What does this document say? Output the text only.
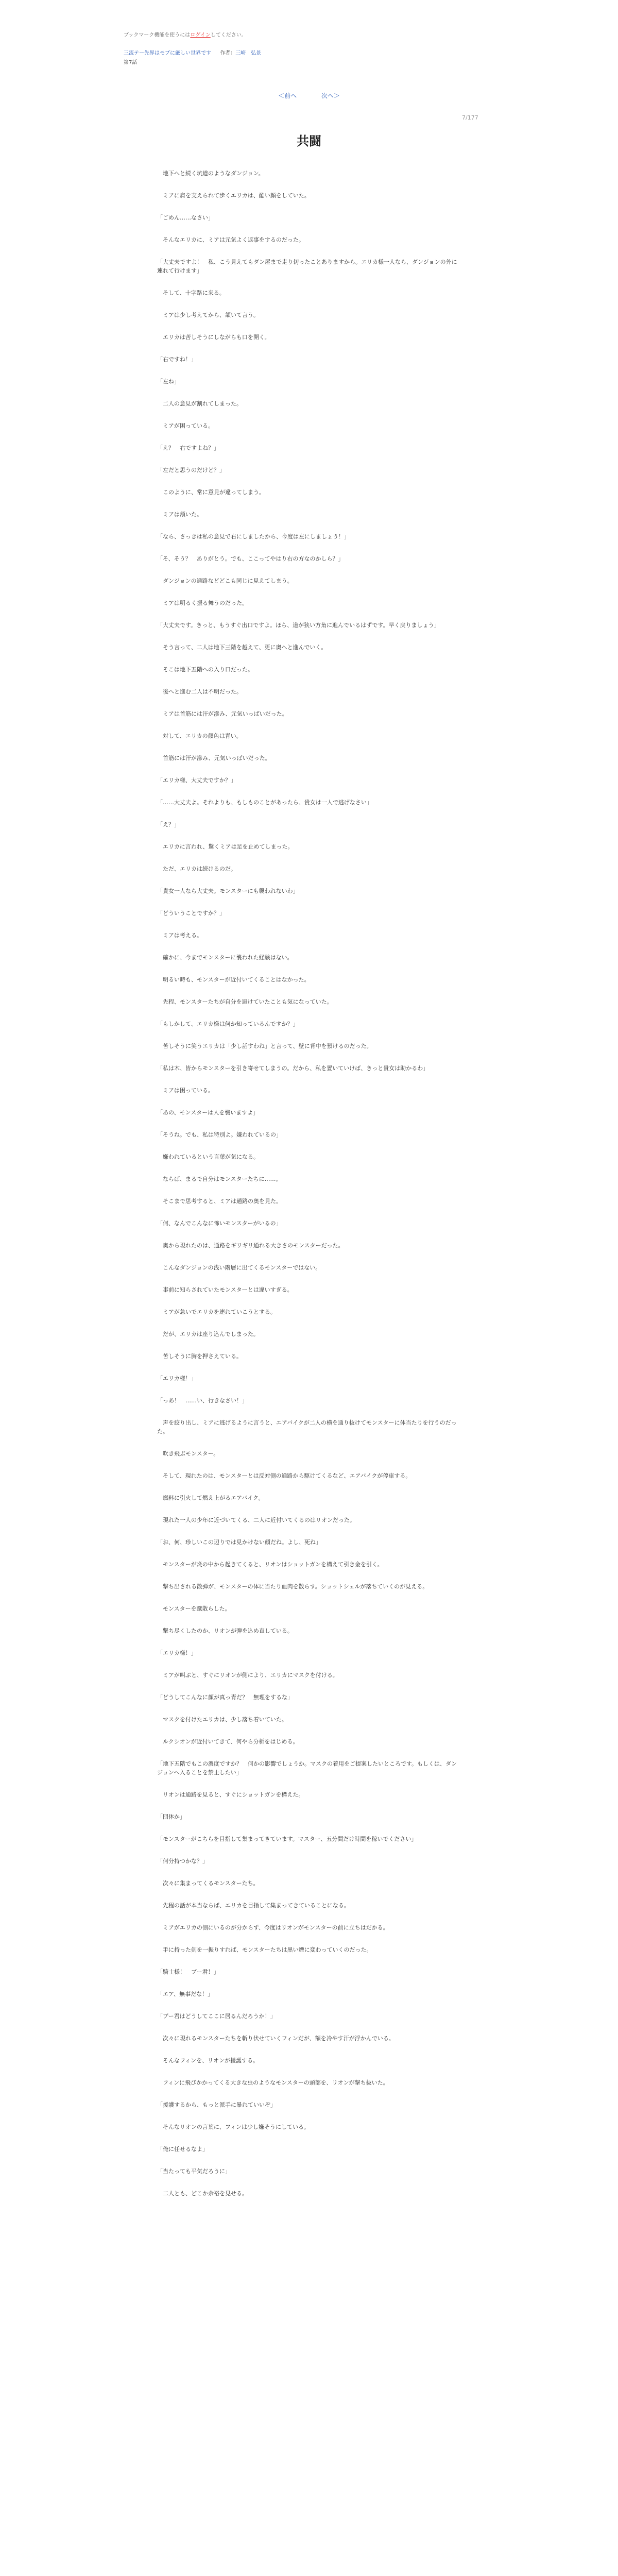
ブックマーク機能を使うにはログインしてください。
三流テー先界はモブに厳しい世界です 作者：三崎　弘景
第7話
＜前へ	次へ＞
7/177
共闘

　地下へと続く坑道のようなダンジョン。

　ミアに肩を支えられて歩くエリカは、酷い顔をしていた。

「ごめん……なさい」

　そんなエリカに、ミアは元気よく返事をするのだった。

「大丈夫ですよ！　私、こう見えてもダン屋まで走り切ったことありますから。エリカ様一人なら、ダンジョンの外に連れて行けます」

　そして、十字路に来る。

　ミアは少し考えてから、頷いて言う。

　エリカは苦しそうにしながらも口を開く。

「右ですね！」

「左ね」

　二人の意見が割れてしまった。

　ミアが困っている。

「え？　右ですよね？」

「左だと思うのだけど？」

　このように、常に意見が違ってしまう。

　ミアは頷いた。

「なら、さっきは私の意見で右にしましたから、今度は左にしましょう！」

「そ、そう？　ありがとう。でも、ここってやはり右の方なのかしら？」

　ダンジョンの通路などどこも同じに見えてしまう。

　ミアは明るく振る舞うのだった。

「大丈夫です。きっと、もうすぐ出口ですよ。ほら、道が狭い方角に進んでいるはずです。早く戻りましょう」

　そう言って、二人は地下三階を越えて、更に奥へと進んでいく。

　そこは地下五階への入り口だった。

　後へと進む二人は不明だった。

　ミアは首筋には汗が滲み、元気いっぱいだった。

　対して、エリカの顔色は青い。

　首筋には汗が滲み、元気いっぱいだった。

「エリカ様、大丈夫ですか？」

「……大丈夫よ。それよりも、もしものことがあったら、貴女は一人で逃げなさい」

「え？」

　エリカに言われ、驚くミアは足を止めてしまった。

　ただ、エリカは続けるのだ。

「貴女一人なら大丈夫。モンスターにも襲われないわ」

「どういうことですか？」

　ミアは考える。

　確かに、今までモンスターに襲われた経験はない。

　明るい時も、モンスターが近付いてくることはなかった。

　先程、モンスターたちが自分を避けていたことも気になっていた。

「もしかして、エリカ様は何か知っているんですか？」

　苦しそうに笑うエリカは「少し話すわね」と言って、壁に背中を預けるのだった。

「私は木、皆からモンスターを引き寄せてしまうの。だから、私を置いていけば、きっと貴女は助かるわ」

　ミアは困っている。

「あの、モンスターは人を襲いますよ」

「そうね。でも、私は特別よ。嫌われているの」

　嫌われているという言葉が気になる。

　ならば、まるで自分はモンスターたちに……。

　そこまで思考すると、ミアは通路の奥を見た。

「何、なんでこんなに怖いモンスターがいるの」

　奥から現れたのは、通路をギリギリ通れる大きさのモンスターだった。

　こんなダンジョンの浅い階層に出てくるモンスターではない。

　事前に知らされていたモンスターとは違いすぎる。

　ミアが急いでエリカを連れていこうとする。

　だが、エリカは座り込んでしまった。

　苦しそうに胸を押さえている。

「エリカ様！」

「っあ！　……い、行きなさい！」

　声を絞り出し、ミアに逃げるように言うと、エアバイクが二人の横を通り抜けてモンスターに体当たりを行うのだった。

　吹き飛ぶモンスター。

　そして、現れたのは、モンスターとは反対側の通路から駆けてくるなど、エアバイクが停車する。

　燃料に引火して燃え上がるエアバイク。

　現れた一人の少年に近づいてくる、二人に近付いてくるのはリオンだった。

「お、何、珍しいこの辺りでは見かけない顔だね。よし、死ね」

　モンスターが炎の中から起きてくると、リオンはショットガンを構えて引き金を引く。

　撃ち出される散弾が、モンスターの体に当たり血肉を散らす。ショットシェルが落ちていくのが見える。

　モンスターを蹴散らした。

　撃ち尽くしたのか、リオンが弾を込め直している。

「エリカ様！」

　ミアが叫ぶと、すぐにリオンが側により、エリカにマスクを付ける。

「どうしてこんなに顔が真っ青だ？　無理をするな」

　マスクを付けたエリカは、少し落ち着いていた。

　ルクシオンが近付いてきて、何やら分析をはじめる。

「地下五階でもこの濃度ですか？　何かの影響でしょうか。マスクの着用をご提案したいところです。もしくは、ダンジョンへ入ることを禁止したい」

　リオンは通路を見ると、すぐにショットガンを構えた。

「団体か」

「モンスターがこちらを目指して集まってきています。マスター、五分間だけ時間を稼いでください」

「何分持つかな？」

　次々に集まってくるモンスターたち。

　先程の話が本当ならば、エリカを目指して集まってきていることになる。

　ミアがエリカの側にいるのが分からず、今度はリオンがモンスターの前に立ちはだかる。

　手に持った剣を一振りすれば、モンスターたちは黒い煙に変わっていくのだった。

「騎士様！　ブー君！」

「エア、無事だな！」

「ブー君はどうしてここに居るんだろうか！」

　次々に現れるモンスターたちを斬り伏せていくフィンだが、額を冷やす汗が浮かんでいる。

　そんなフィンを、リオンが援護する。

　フィンに飛びかかってくる大きな虫のようなモンスターの頭部を、リオンが撃ち抜いた。

「援護するから、もっと派手に暴れていいぞ」

　そんなリオンの言葉に、フィンは少し嫌そうにしている。

「俺に任せるなよ」

「当たっても平気だろうに」

　二人とも、どこか余裕を見せる。
